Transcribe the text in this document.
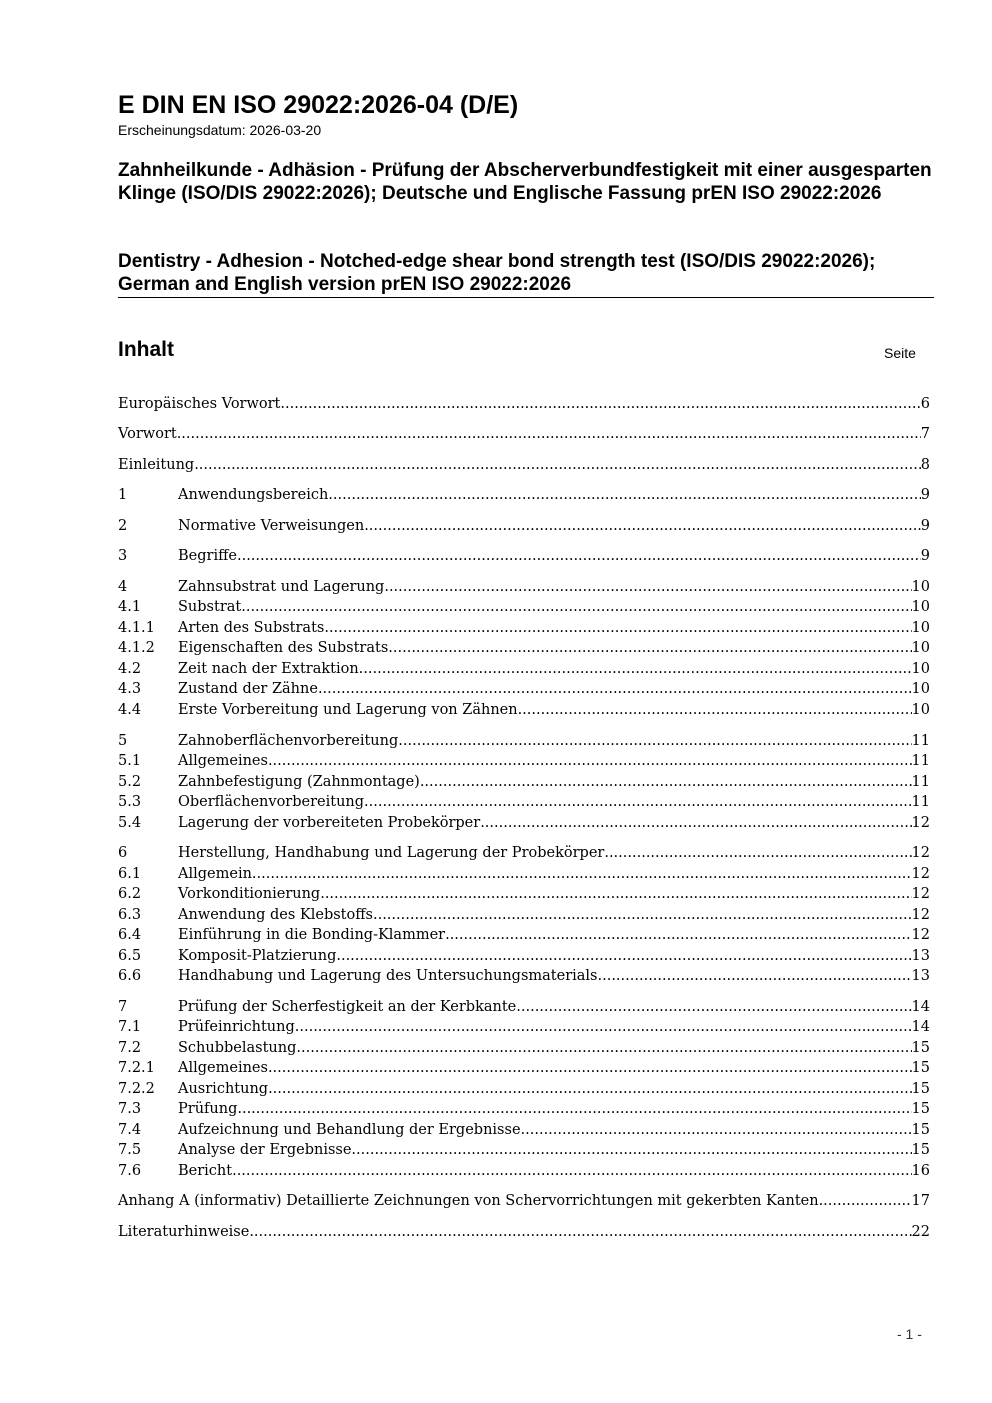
E DIN EN ISO 29022:2026-04 (D/E)

Erscheinungsdatum: 2026-03-20

Zahnheilkunde - Adhäsion - Prüfung der Abscherverbundfestigkeit mit einer ausgesparten Klinge (ISO/DIS 29022:2026); Deutsche und Englische Fassung prEN ISO 29022:2026

Dentistry - Adhesion - Notched-edge shear bond strength test (ISO/DIS 29022:2026); German and English version prEN ISO 29022:2026

Inhalt	Seite
Europäisches Vorwort .....	6
Vorwort .....	7
Einleitung .....	8
1	Anwendungsbereich .....	9
2	Normative Verweisungen .....	9
3	Begriffe .....	9
4	Zahnsubstrat und Lagerung .....	10
4.1	Substrat .....	10
4.1.1	Arten des Substrats .....	10
4.1.2	Eigenschaften des Substrats .....	10
4.2	Zeit nach der Extraktion .....	10
4.3	Zustand der Zähne .....	10
4.4	Erste Vorbereitung und Lagerung von Zähnen .....	10
5	Zahnoberflächenvorbereitung .....	11
5.1	Allgemeines .....	11
5.2	Zahnbefestigung (Zahnmontage) .....	11
5.3	Oberflächenvorbereitung .....	11
5.4	Lagerung der vorbereiteten Probekörper .....	12
6	Herstellung, Handhabung und Lagerung der Probekörper .....	12
6.1	Allgemein .....	12
6.2	Vorkonditionierung .....	12
6.3	Anwendung des Klebstoffs .....	12
6.4	Einführung in die Bonding-Klammer .....	12
6.5	Komposit-Platzierung .....	13
6.6	Handhabung und Lagerung des Untersuchungsmaterials .....	13
7	Prüfung der Scherfestigkeit an der Kerbkante .....	14
7.1	Prüfeinrichtung .....	14
7.2	Schubbelastung .....	15
7.2.1	Allgemeines .....	15
7.2.2	Ausrichtung .....	15
7.3	Prüfung .....	15
7.4	Aufzeichnung und Behandlung der Ergebnisse .....	15
7.5	Analyse der Ergebnisse .....	15
7.6	Bericht .....	16
Anhang A (informativ) Detaillierte Zeichnungen von Schervorrichtungen mit gekerbten Kanten .....	17
Literaturhinweise .....	22
- 1 -
